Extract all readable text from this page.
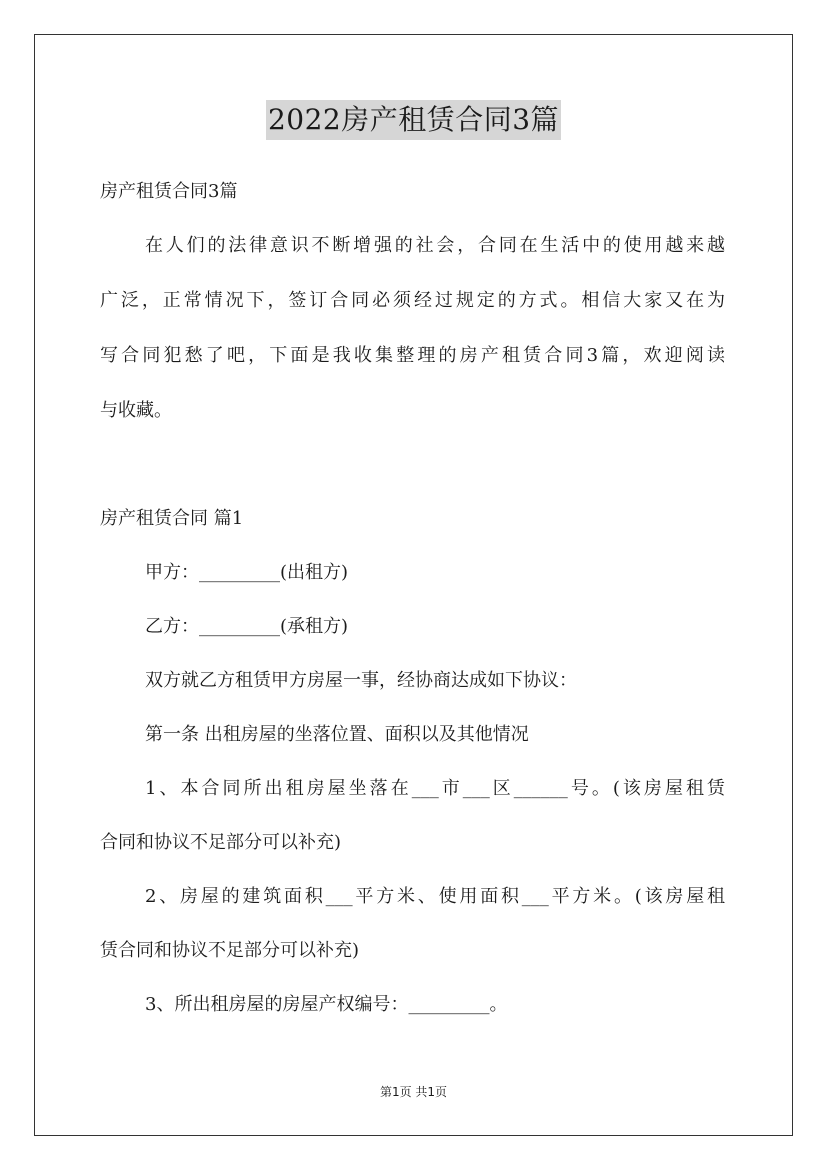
2022房产租赁合同3篇
房产租赁合同3篇
在人们的法律意识不断增强的社会，合同在生活中的使用越来越
广泛，正常情况下，签订合同必须经过规定的方式。相信大家又在为
写合同犯愁了吧，下面是我收集整理的房产租赁合同3篇，欢迎阅读
与收藏。
房产租赁合同 篇1
甲方：_________(出租方)
乙方：_________(承租方)
双方就乙方租赁甲方房屋一事，经协商达成如下协议：
第一条 出租房屋的坐落位置、面积以及其他情况
1、本合同所出租房屋坐落在___市___区______号。(该房屋租赁
合同和协议不足部分可以补充)
2、房屋的建筑面积___平方米、使用面积___平方米。(该房屋租
赁合同和协议不足部分可以补充)
3、所出租房屋的房屋产权编号：_________。
第1页 共1页
